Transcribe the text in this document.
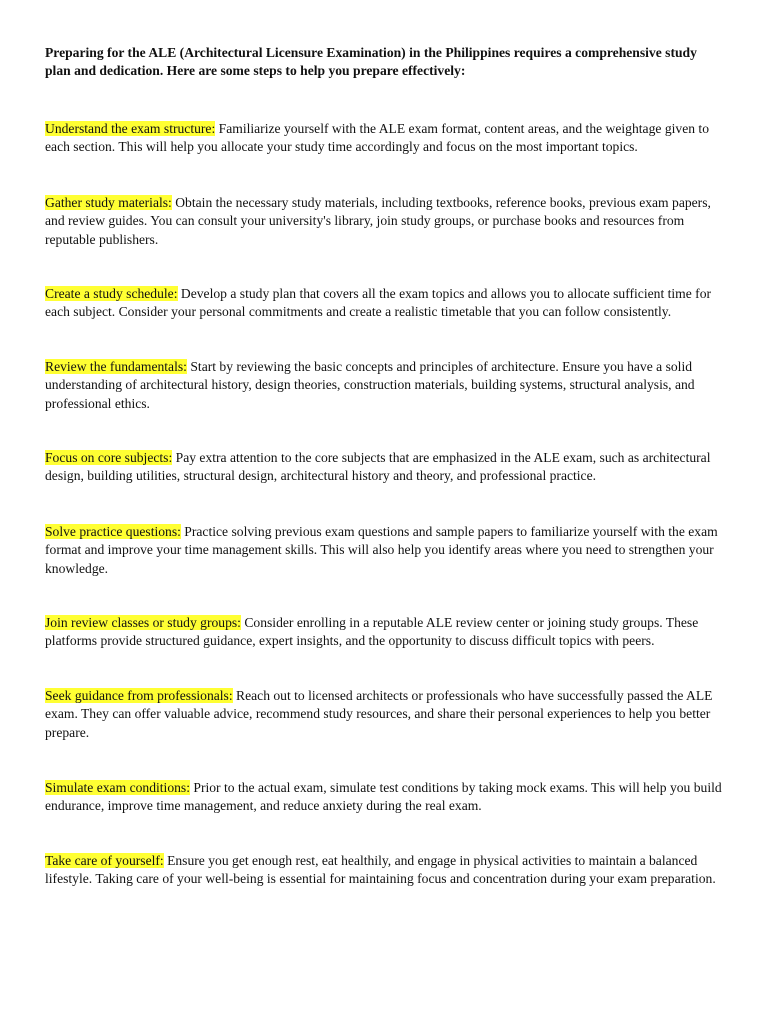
Preparing for the ALE (Architectural Licensure Examination) in the Philippines requires a comprehensive study plan and dedication. Here are some steps to help you prepare effectively:

Understand the exam structure: Familiarize yourself with the ALE exam format, content areas, and the weightage given to each section. This will help you allocate your study time accordingly and focus on the most important topics.

Gather study materials: Obtain the necessary study materials, including textbooks, reference books, previous exam papers, and review guides. You can consult your university's library, join study groups, or purchase books and resources from reputable publishers.

Create a study schedule: Develop a study plan that covers all the exam topics and allows you to allocate sufficient time for each subject. Consider your personal commitments and create a realistic timetable that you can follow consistently.

Review the fundamentals: Start by reviewing the basic concepts and principles of architecture. Ensure you have a solid understanding of architectural history, design theories, construction materials, building systems, structural analysis, and professional ethics.

Focus on core subjects: Pay extra attention to the core subjects that are emphasized in the ALE exam, such as architectural design, building utilities, structural design, architectural history and theory, and professional practice.

Solve practice questions: Practice solving previous exam questions and sample papers to familiarize yourself with the exam format and improve your time management skills. This will also help you identify areas where you need to strengthen your knowledge.

Join review classes or study groups: Consider enrolling in a reputable ALE review center or joining study groups. These platforms provide structured guidance, expert insights, and the opportunity to discuss difficult topics with peers.

Seek guidance from professionals: Reach out to licensed architects or professionals who have successfully passed the ALE exam. They can offer valuable advice, recommend study resources, and share their personal experiences to help you better prepare.

Simulate exam conditions: Prior to the actual exam, simulate test conditions by taking mock exams. This will help you build endurance, improve time management, and reduce anxiety during the real exam.

Take care of yourself: Ensure you get enough rest, eat healthily, and engage in physical activities to maintain a balanced lifestyle. Taking care of your well-being is essential for maintaining focus and concentration during your exam preparation.
